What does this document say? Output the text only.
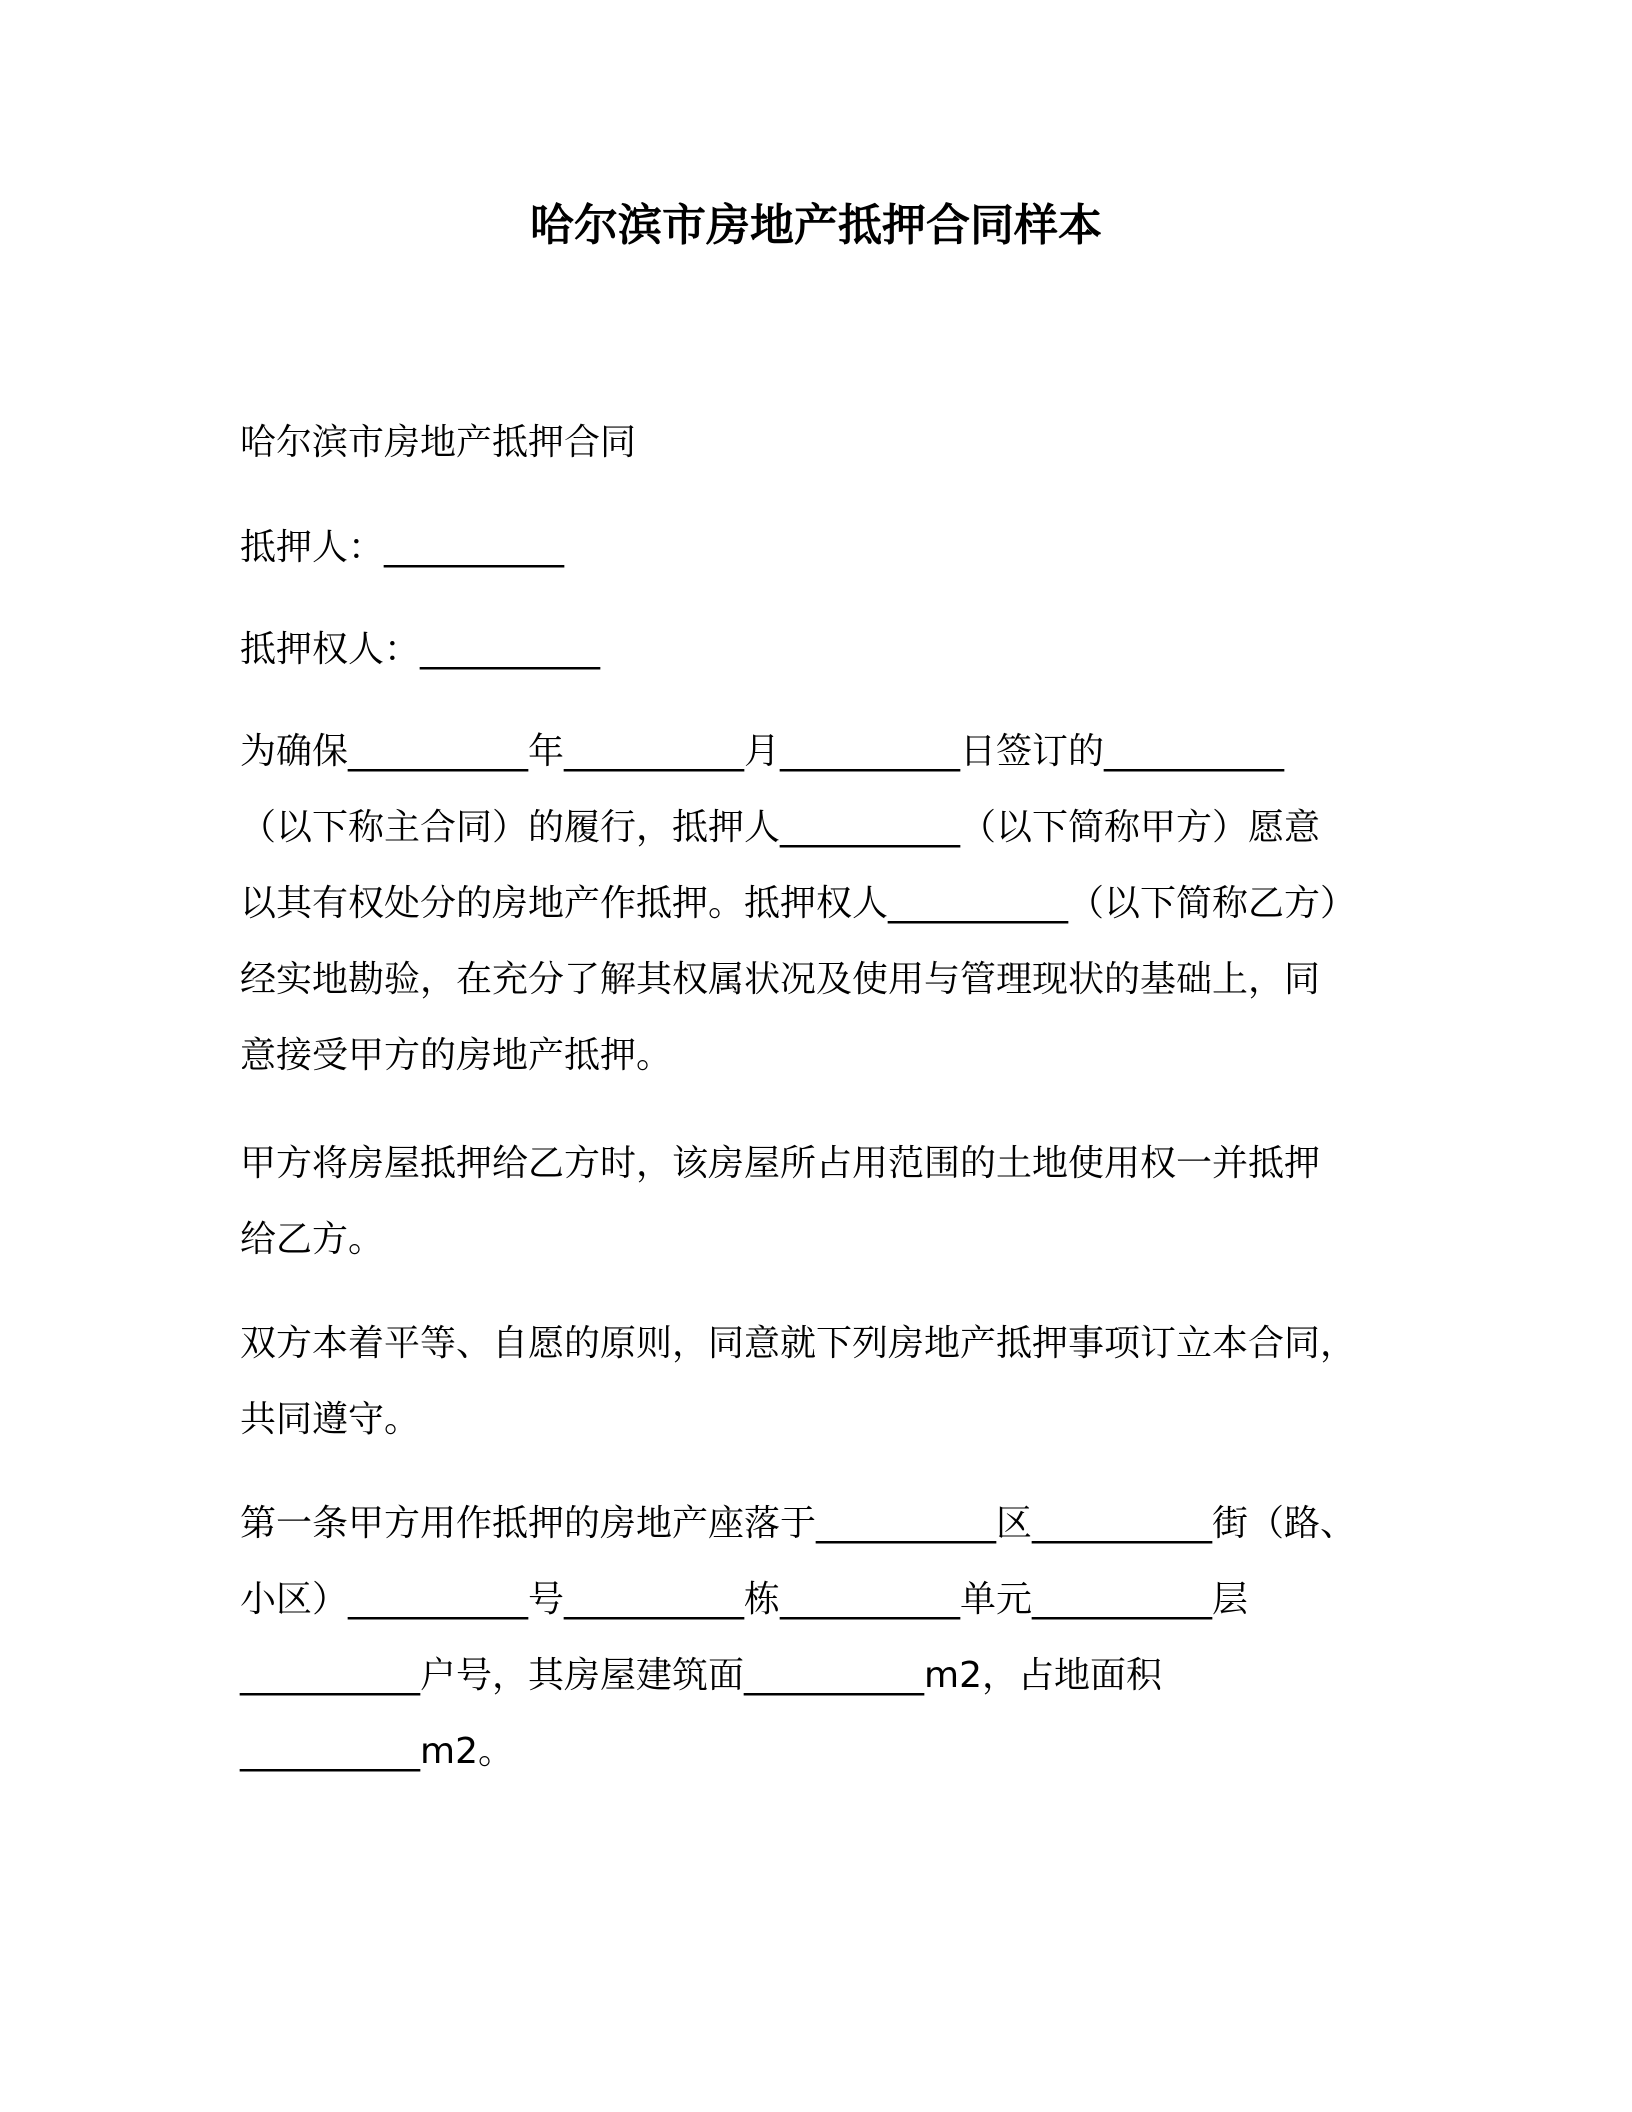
哈尔滨市房地产抵押合同样本
哈尔滨市房地产抵押合同
抵押人：__________
抵押权人：__________
为确保__________年__________月__________日签订的__________
（以下称主合同）的履行，抵押人__________（以下简称甲方）愿意
以其有权处分的房地产作抵押。抵押权人__________（以下简称乙方）
经实地勘验，在充分了解其权属状况及使用与管理现状的基础上，同
意接受甲方的房地产抵押。
甲方将房屋抵押给乙方时，该房屋所占用范围的土地使用权一并抵押
给乙方。
双方本着平等、自愿的原则，同意就下列房地产抵押事项订立本合同，
共同遵守。
第一条甲方用作抵押的房地产座落于__________区__________街（路、
小区）__________号__________栋__________单元__________层
__________户号，其房屋建筑面__________m2，占地面积
__________m2。
